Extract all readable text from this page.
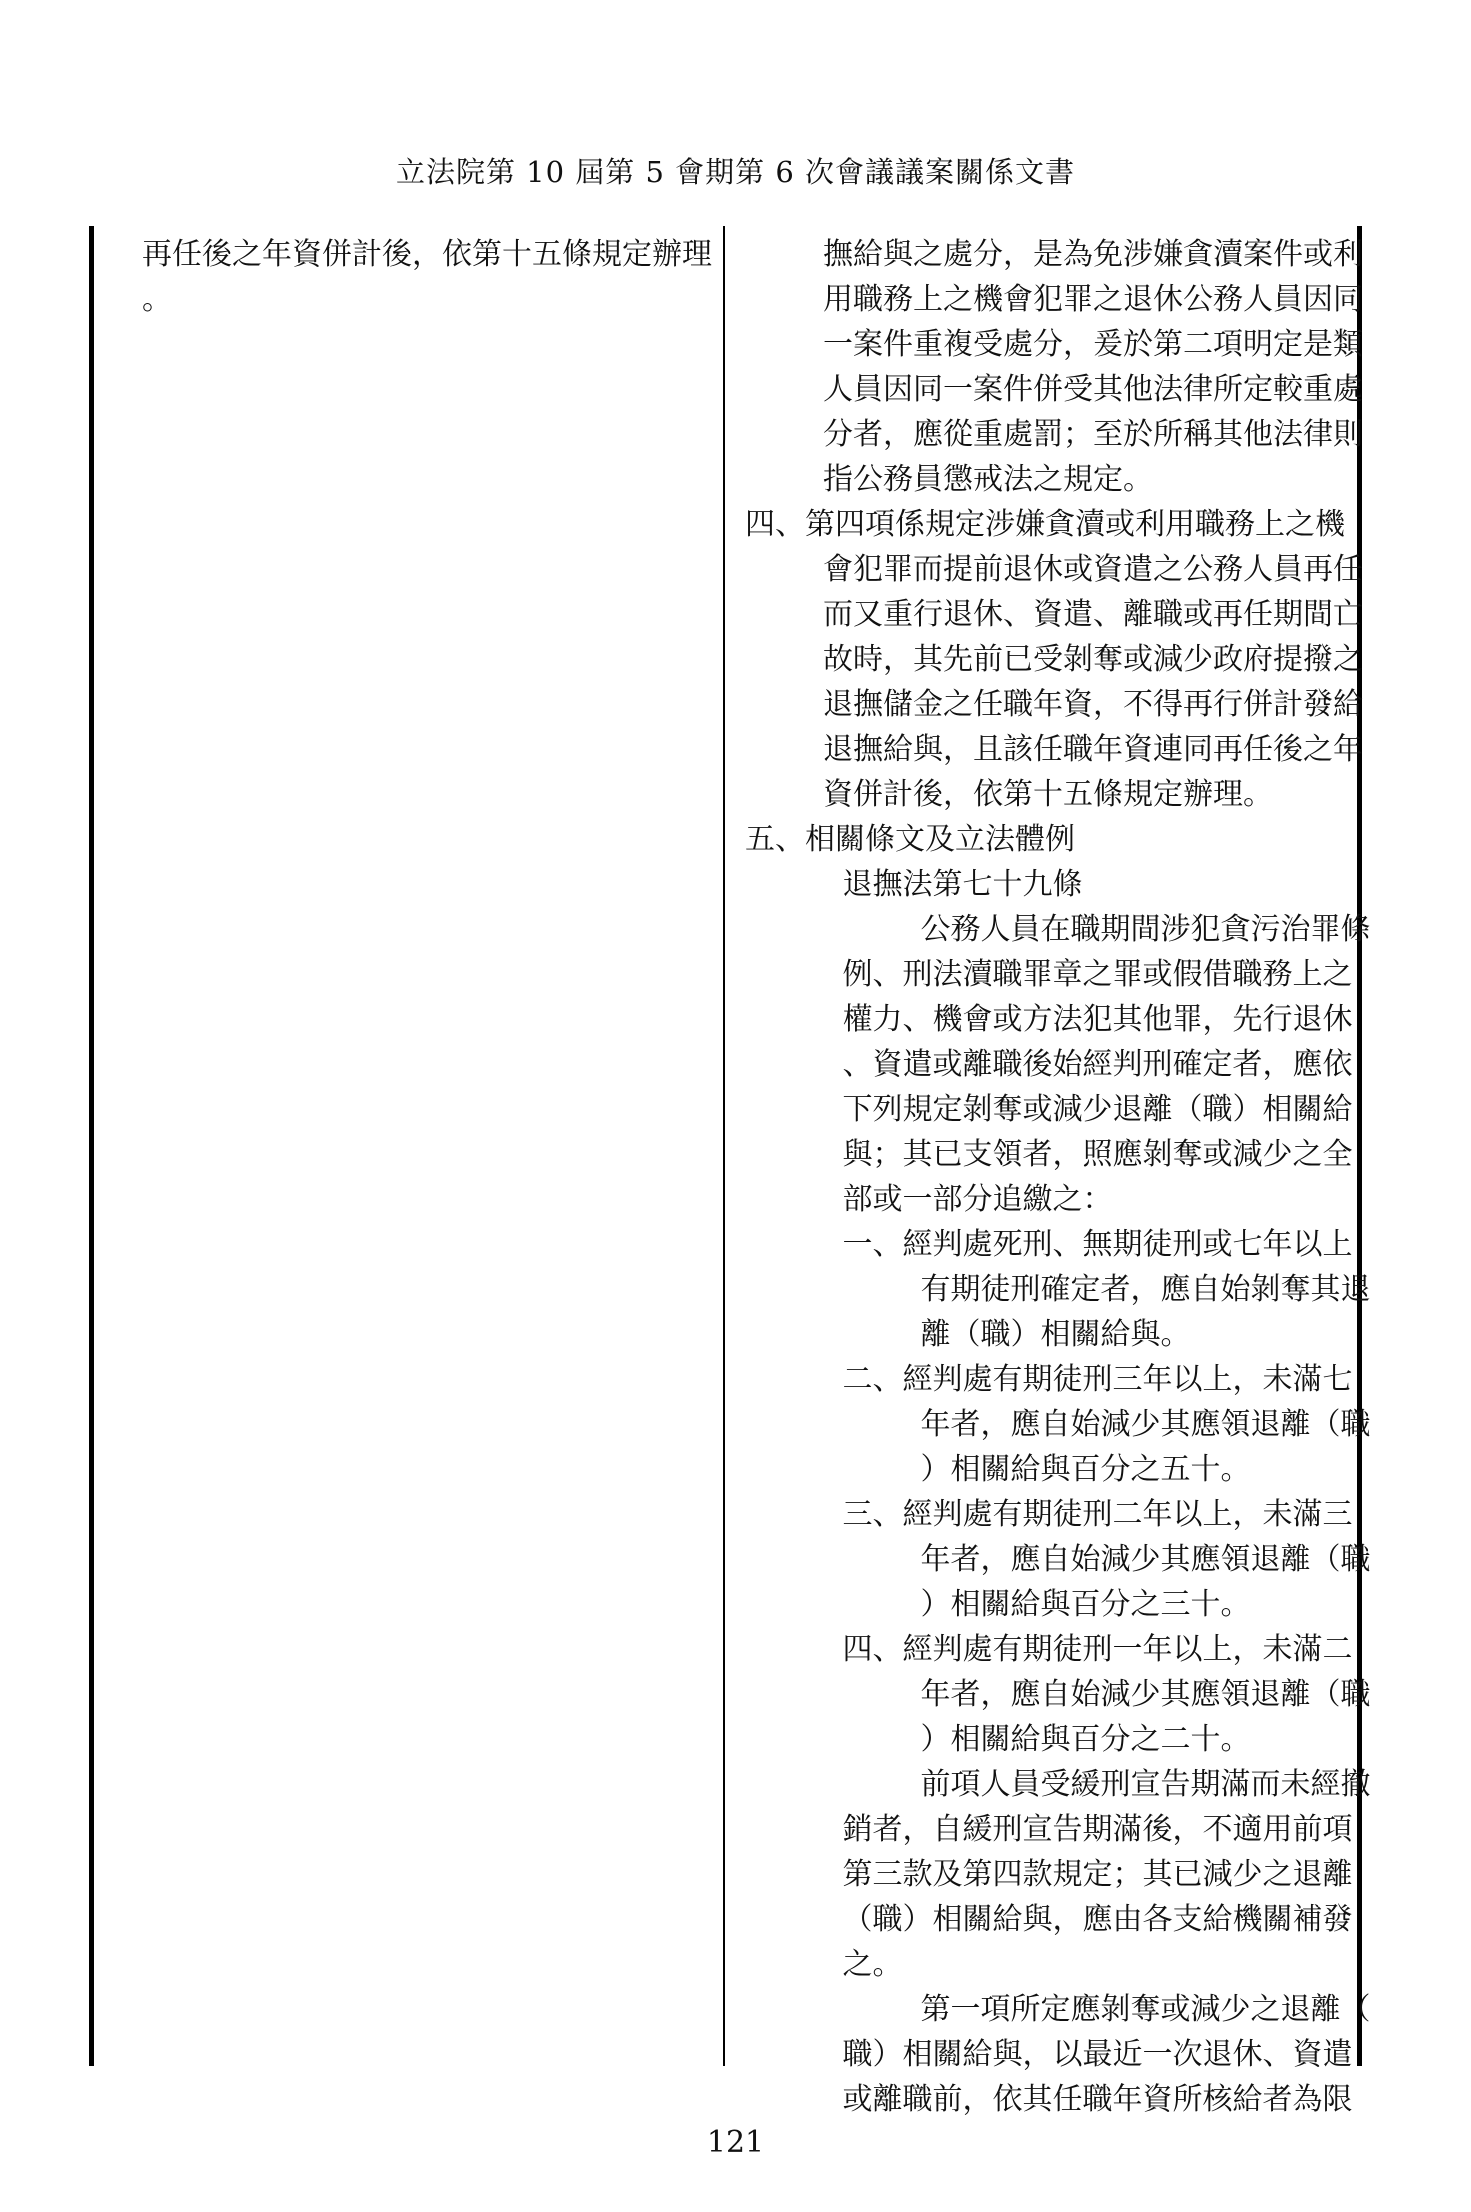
立法院第 10 屆第 5 會期第 6 次會議議案關係文書
再任後之年資併計後，依第十五條規定辦理
。
撫給與之處分，是為免涉嫌貪瀆案件或利
用職務上之機會犯罪之退休公務人員因同
一案件重複受處分，爰於第二項明定是類
人員因同一案件併受其他法律所定較重處
分者，應從重處罰；至於所稱其他法律則
指公務員懲戒法之規定。
四、第四項係規定涉嫌貪瀆或利用職務上之機
會犯罪而提前退休或資遣之公務人員再任
而又重行退休、資遣、離職或再任期間亡
故時，其先前已受剝奪或減少政府提撥之
退撫儲金之任職年資，不得再行併計發給
退撫給與，且該任職年資連同再任後之年
資併計後，依第十五條規定辦理。
五、相關條文及立法體例
退撫法第七十九條
公務人員在職期間涉犯貪污治罪條
例、刑法瀆職罪章之罪或假借職務上之
權力、機會或方法犯其他罪，先行退休
、資遣或離職後始經判刑確定者，應依
下列規定剝奪或減少退離（職）相關給
與；其已支領者，照應剝奪或減少之全
部或一部分追繳之：
一、經判處死刑、無期徒刑或七年以上
有期徒刑確定者，應自始剝奪其退
離（職）相關給與。
二、經判處有期徒刑三年以上，未滿七
年者，應自始減少其應領退離（職
）相關給與百分之五十。
三、經判處有期徒刑二年以上，未滿三
年者，應自始減少其應領退離（職
）相關給與百分之三十。
四、經判處有期徒刑一年以上，未滿二
年者，應自始減少其應領退離（職
）相關給與百分之二十。
前項人員受緩刑宣告期滿而未經撤
銷者，自緩刑宣告期滿後，不適用前項
第三款及第四款規定；其已減少之退離
（職）相關給與，應由各支給機關補發
之。
第一項所定應剝奪或減少之退離（
職）相關給與，以最近一次退休、資遣
或離職前，依其任職年資所核給者為限
121
